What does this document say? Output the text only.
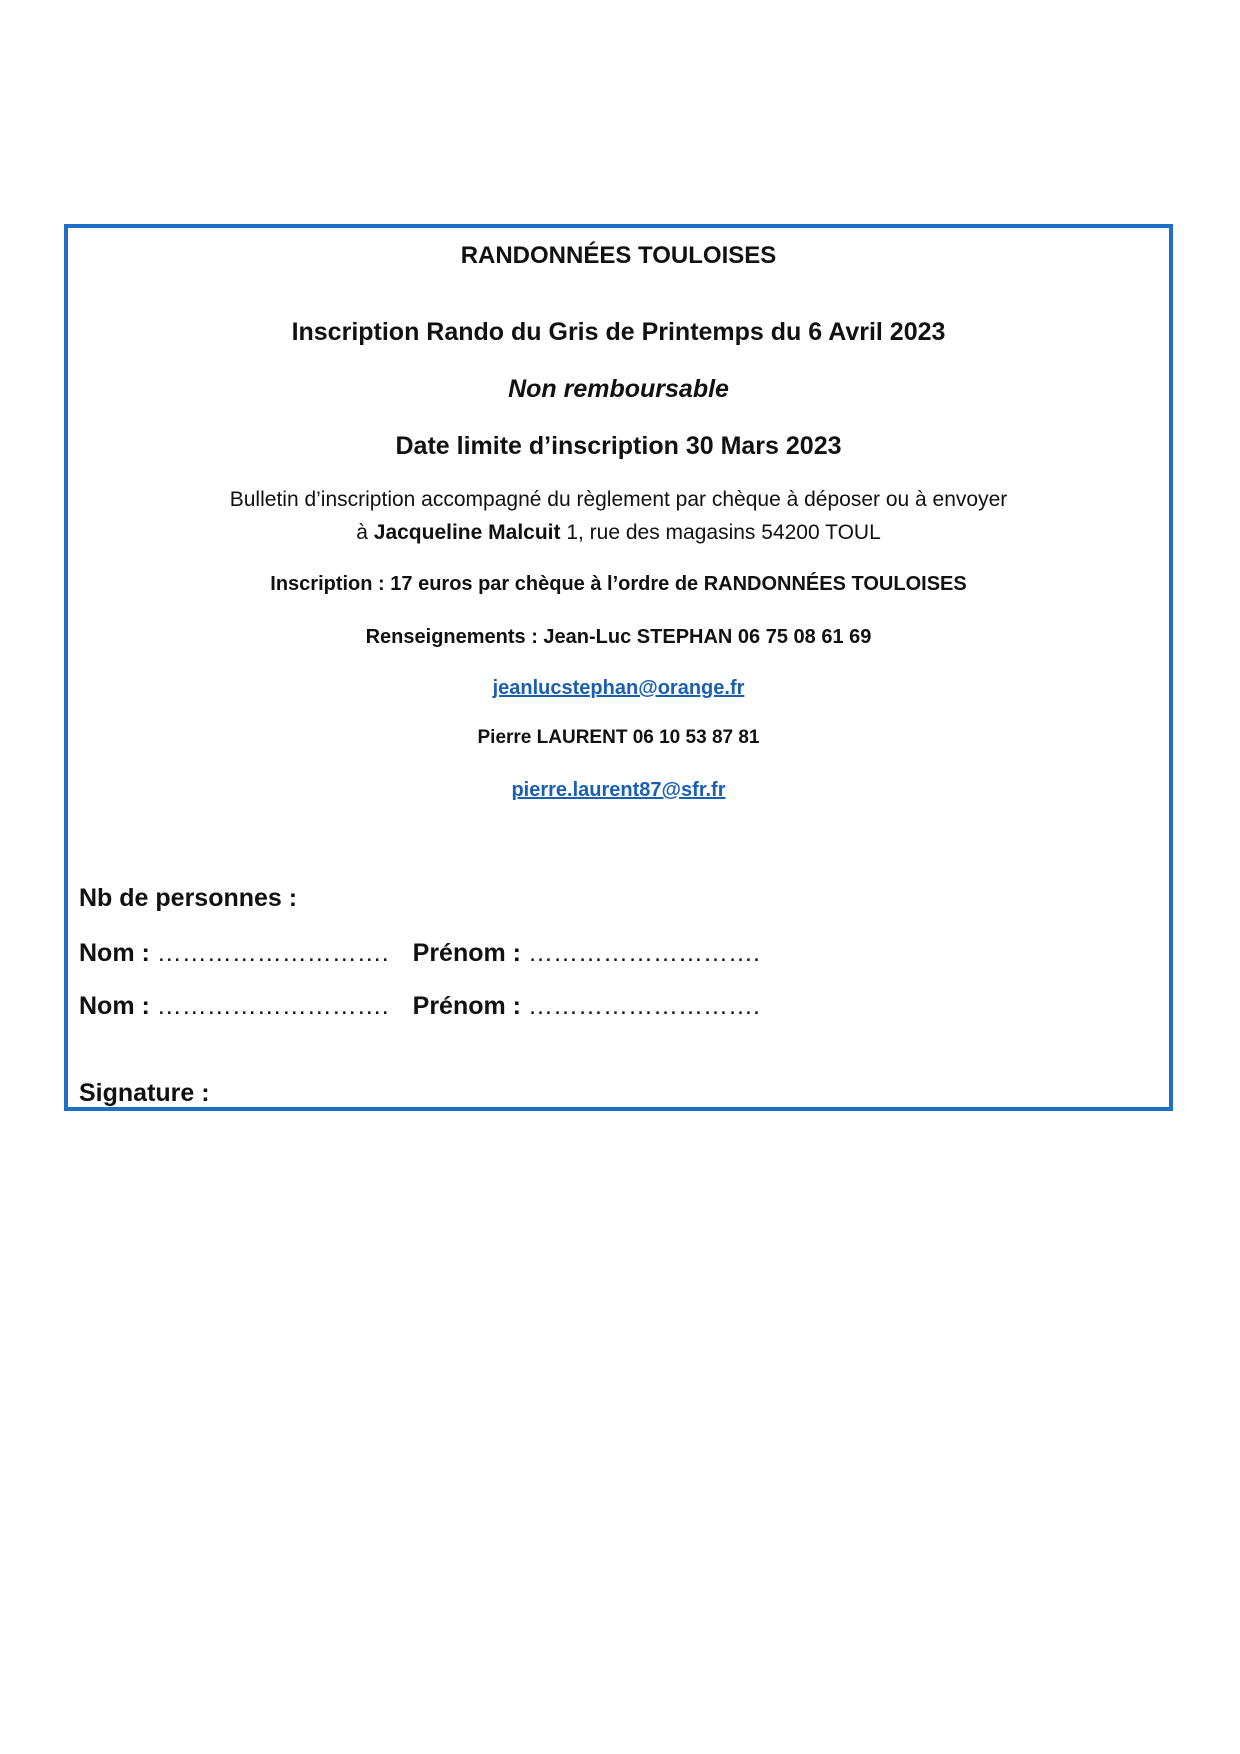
RANDONNÉES TOULOISES
Inscription Rando du Gris de Printemps du 6 Avril 2023
Non remboursable
Date limite d’inscription 30 Mars 2023
Bulletin d’inscription accompagné du règlement par chèque à déposer ou à envoyer
à Jacqueline Malcuit 1, rue des magasins 54200 TOUL
Inscription : 17 euros par chèque à l’ordre de RANDONNÉES TOULOISES
Renseignements : Jean-Luc STEPHAN 06 75 08 61 69
jeanlucstephan@orange.fr
Pierre LAURENT 06 10 53 87 81
pierre.laurent87@sfr.fr
Nb de personnes :
Nom : ………………………. Prénom : ……………………….
Nom : ………………………. Prénom : ……………………….
Signature :
